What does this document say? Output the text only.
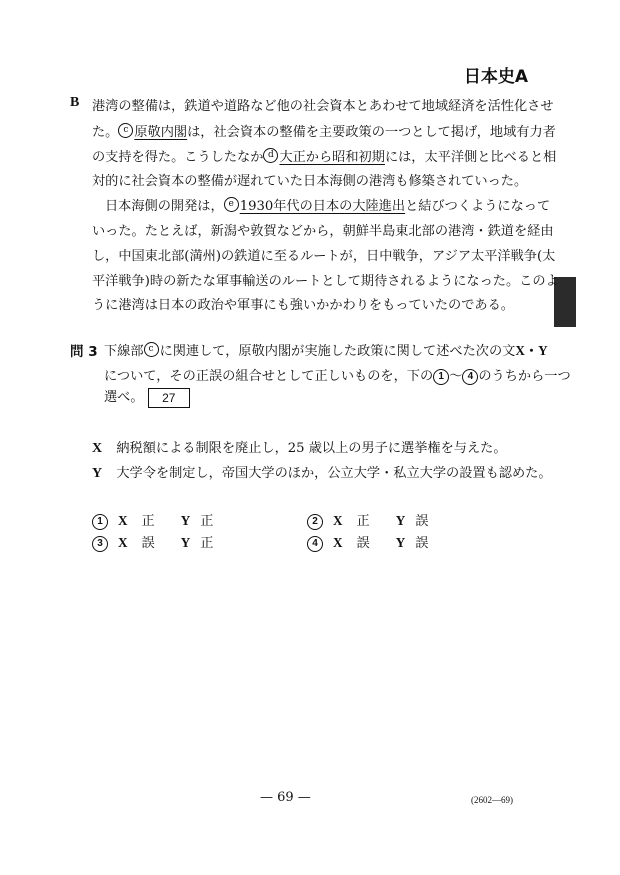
日本史A
B 港湾の整備は，鉄道や道路など他の社会資本とあわせて地域経済を活性化させ
た。 c 原敬内閣は，社会資本の整備を主要政策の一つとして掲げ，地域有力者
の支持を得た。こうしたなか d 大正から昭和初期には，太平洋側と比べると相
対的に社会資本の整備が遅れていた日本海側の港湾も修築されていった。
日本海側の開発は， e 1930年代の日本の大陸進出と結びつくようになって
いった。たとえば，新潟や敦賀などから，朝鮮半島東北部の港湾・鉄道を経由
し，中国東北部(満州)の鉄道に至るルートが，日中戦争，アジア太平洋戦争(太
平洋戦争)時の新たな軍事輸送のルートとして期待されるようになった。このよ
うに港湾は日本の政治や軍事にも強いかかわりをもっていたのである。
問 3 下線部 c に関連して，原敬内閣が実施した政策に関して述べた次の文X・Y
について，その正誤の組合せとして正しいものを，下の 1 ～ 4 のうちから一つ
選べ。 27
X 納税額による制限を廃止し，25 歳以上の男子に選挙権を与えた。
Y 大学令を制定し，帝国大学のほか，公立大学・私立大学の設置も認めた。
1 X 正 Y 正	2 X 正 Y 誤
3 X 誤 Y 正	4 X 誤 Y 誤
— 69 —	(2602—69)
